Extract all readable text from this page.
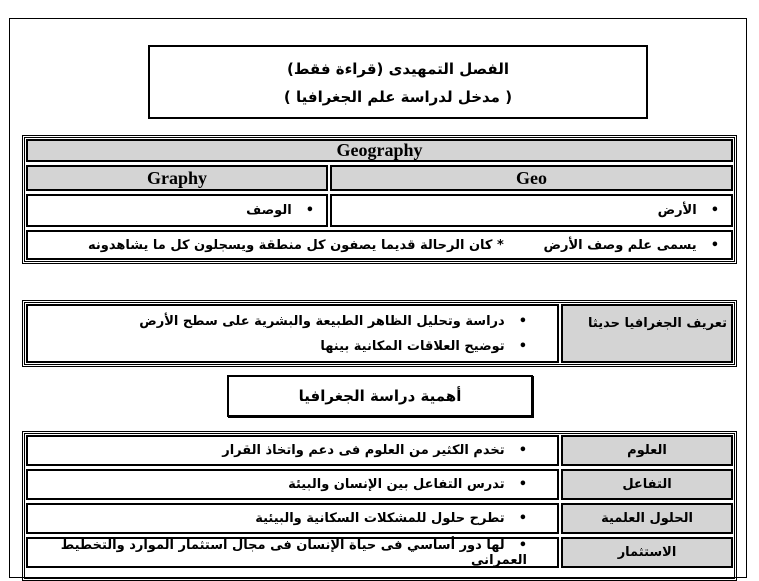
الفصل التمهيدى (قراءة فقط)
( مدخل لدراسة علم الجغرافيا )
Geography
Geo
Graphy
• الأرض
• الوصف
• يسمى علم وصف الأرض
* كان الرحالة قديما يصفون كل منطقة ويسجلون كل ما يشاهدونه
تعريف الجغرافيا حديثا
• دراسة وتحليل الظاهر الطبيعة والبشرية على سطح الأرض
• توضيح العلاقات المكانية بينها
أهمية دراسة الجغرافيا
العلوم
• تخدم الكثير من العلوم فى دعم واتخاذ القرار
التفاعل
• تدرس التفاعل بين الإنسان والبيئة
الحلول العلمية
• تطرح حلول للمشكلات السكانية والبيئية
الاستثمار
• لها دور أساسي فى حياة الإنسان فى مجال استثمار الموارد والتخطيط العمراني
